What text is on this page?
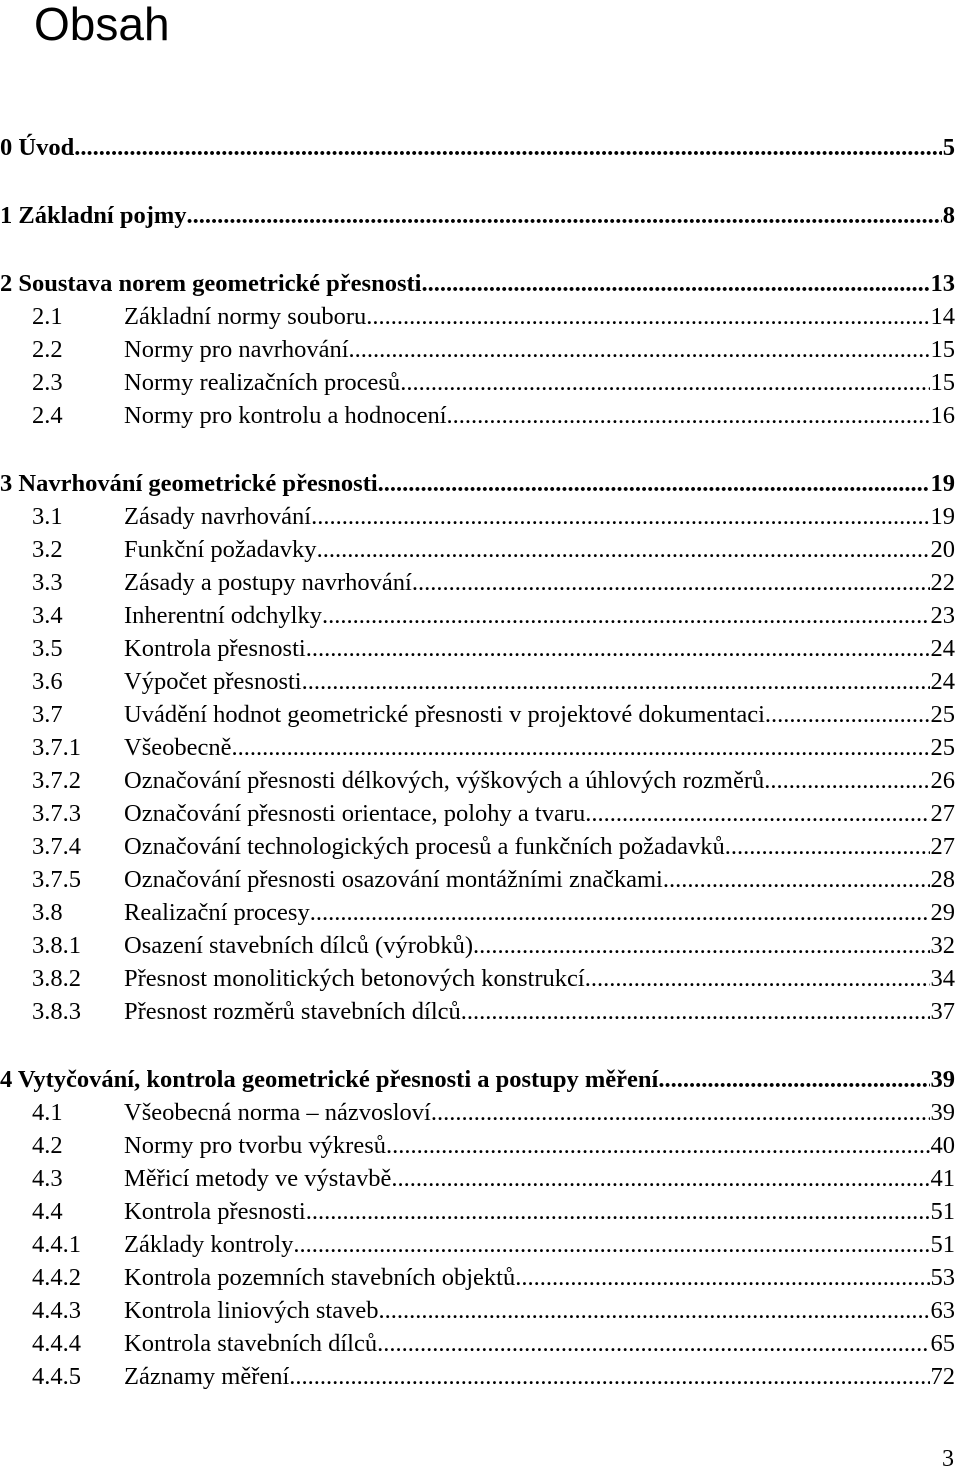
Obsah
0 Úvod .....	5
1 Základní pojmy .....	8
2 Soustava norem geometrické přesnosti .....	13
2.1	Základní normy souboru .....	14
2.2	Normy pro navrhování .....	15
2.3	Normy realizačních procesů .....	15
2.4	Normy pro kontrolu a hodnocení .....	16
3 Navrhování geometrické přesnosti .....	19
3.1	Zásady navrhování .....	19
3.2	Funkční požadavky .....	20
3.3	Zásady a postupy navrhování .....	22
3.4	Inherentní odchylky .....	23
3.5	Kontrola přesnosti .....	24
3.6	Výpočet přesnosti .....	24
3.7	Uvádění hodnot geometrické přesnosti v projektové dokumentaci .....	25
3.7.1 Všeobecně .....	25
3.7.2 Označování přesnosti délkových, výškových a úhlových rozměrů .....	26
3.7.3 Označování přesnosti orientace, polohy a tvaru .....	27
3.7.4 Označování technologických procesů a funkčních požadavků .....	27
3.7.5 Označování přesnosti osazování montážními značkami .....	28
3.8	Realizační procesy .....	29
3.8.1 Osazení stavebních dílců (výrobků) .....	32
3.8.2 Přesnost monolitických betonových konstrukcí .....	34
3.8.3 Přesnost rozměrů stavebních dílců .....	37
4 Vytyčování, kontrola geometrické přesnosti a postupy měření .....	39
4.1	Všeobecná norma – názvosloví .....	39
4.2	Normy pro tvorbu výkresů .....	40
4.3	Měřicí metody ve výstavbě .....	41
4.4	Kontrola přesnosti .....	51
4.4.1 Základy kontroly .....	51
4.4.2 Kontrola pozemních stavebních objektů .....	53
4.4.3 Kontrola liniových staveb .....	63
4.4.4 Kontrola stavebních dílců .....	65
4.4.5 Záznamy měření .....	72
3
